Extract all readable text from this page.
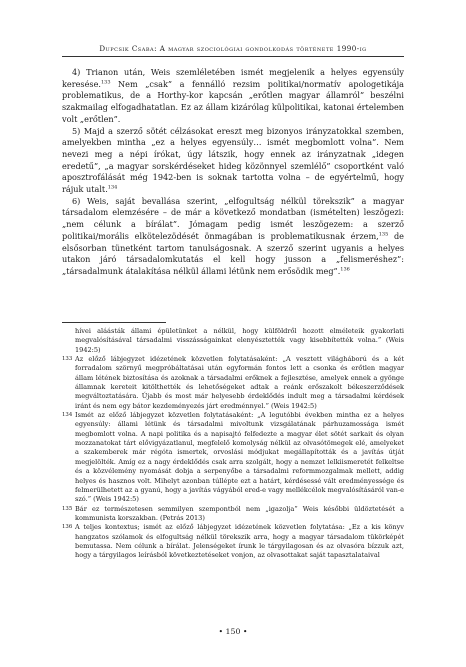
Dupcsik Csaba: A magyar szociológiai gondolkodás története 1990-ig

4) Trianon után, Weis szemléletében ismét megjelenik a helyes egyensúly keresése.$^{133}$ Nem „csak” a fennálló rezsim politikai/normatív apologetikája problematikus, de a Horthy-kor kapcsán „erőtlen magyar államról” beszélni szakmailag elfogadhatatlan. Ez az állam kizárólag külpolitikai, katonai értelemben volt „erőtlen”.

5) Majd a szerző sötét célzásokat ereszt meg bizonyos irányzatokkal szemben, amelyekben mintha „ez a helyes egyensúly… ismét megbomlott volna”. Nem nevezi meg a népi írókat, úgy látszik, hogy ennek az irányzatnak „idegen eredetű”, „a magyar sorskérdéseket hideg közönnyel szemlélő” csoportként való aposztrofálását még 1942-ben is soknak tartotta volna – de egyértelmű, hogy rájuk utalt.$^{134}$

6) Weis, saját bevallása szerint, „elfogultság nélkül törekszik” a magyar társadalom elemzésére – de már a következő mondatban (ismételten) leszögezi: „nem célunk a bírálat”. Jómagam pedig ismét leszögezem: a szerző politikai/morális elkötelezödését önmagában is problematikusnak érzem,$^{135}$ de elsősorban tünetként tartom tanulságosnak. A szerző szerint ugyanis a helyes utakon járó társadalomkutatás el kell hogy jusson a „felismeréshez”: „társadalmunk átalakítása nélkül állami létünk nem erősödik meg”.$^{136}$

hívei aláásták állami épületünket a nélkül, hogy külföldről hozott elméleteik gyakorlati megvalósításával társadalmi visszásságainkat elenyésztették vagy kisebbítették volna.” (Weis 1942:5)

133 Az előző lábjegyzet idézetének közvetlen folytatásaként: „A vesztett világháború és a két forradalom szörnyű megpróbáltatásai után egyformán fontos lett a csonka és erőtlen magyar állam létének biztosítása és azoknak a társadalmi erőknek a fejlesztése, amelyek ennek a gyönge államnak kereteit kitölthették és lehetőségeket adtak a reánk erőszakolt békeszerződések megváltoztatására. Újabb és most már helyesebb érdeklődés indult meg a társadalmi kérdések iránt és nem egy bátor kezdeményezés járt eredménnyel.” (Weis 1942:5)

134 Ismét az előző lábjegyzet közvetlen folytatásaként: „A legutóbbi években mintha ez a helyes egyensúly: állami létünk és társadalmi mivoltunk vizsgálatának párhuzamossága ismét megbomlott volna. A napi politika és a napisajtó felfedezte a magyar élet sötét sarkait és olyan mozzanatokat tárt elővigyázatlanul, megfelelő komolyság nélkül az olvasótömegek elé, amelyeket a szakemberek már régóta ismertek, orvoslási módjukat megállapították és a javítás útját megjelölték. Amíg ez a nagy érdeklődés csak arra szolgált, hogy a nemzet lelkiismeretét felkeltse és a közvélemény nyomását dobja a serpenyőbe a társadalmi reformmozgalmak mellett, addig helyes és hasznos volt. Mihelyt azonban túllépte ezt a határt, kérdésessé vált eredményessége és felmerülhetett az a gyanú, hogy a javítás vágyából ered-e vagy mellékcélok megvalósításáról van-e szó.” (Weis 1942:5)

135 Bár ez természetesen semmilyen szempontból nem „igazolja” Weis későbbi üldöztetését a kommunista korszakban. (Petrás 2013)

136 A teljes kontextus; ismét az előző lábjegyzet idézetének közvetlen folytatása: „Ez a kis könyv hangzatos szólamok és elfogultság nélkül törekszik arra, hogy a magyar társadalom tükörképét bemutassa. Nem célunk a bírálat. Jelenségeket írunk le tárgyilagosan és az olvasóra bízzuk azt, hogy a tárgyilagos leírásból következtetéseket vonjon, az olvasottakat saját tapasztalataival

• 150 •
